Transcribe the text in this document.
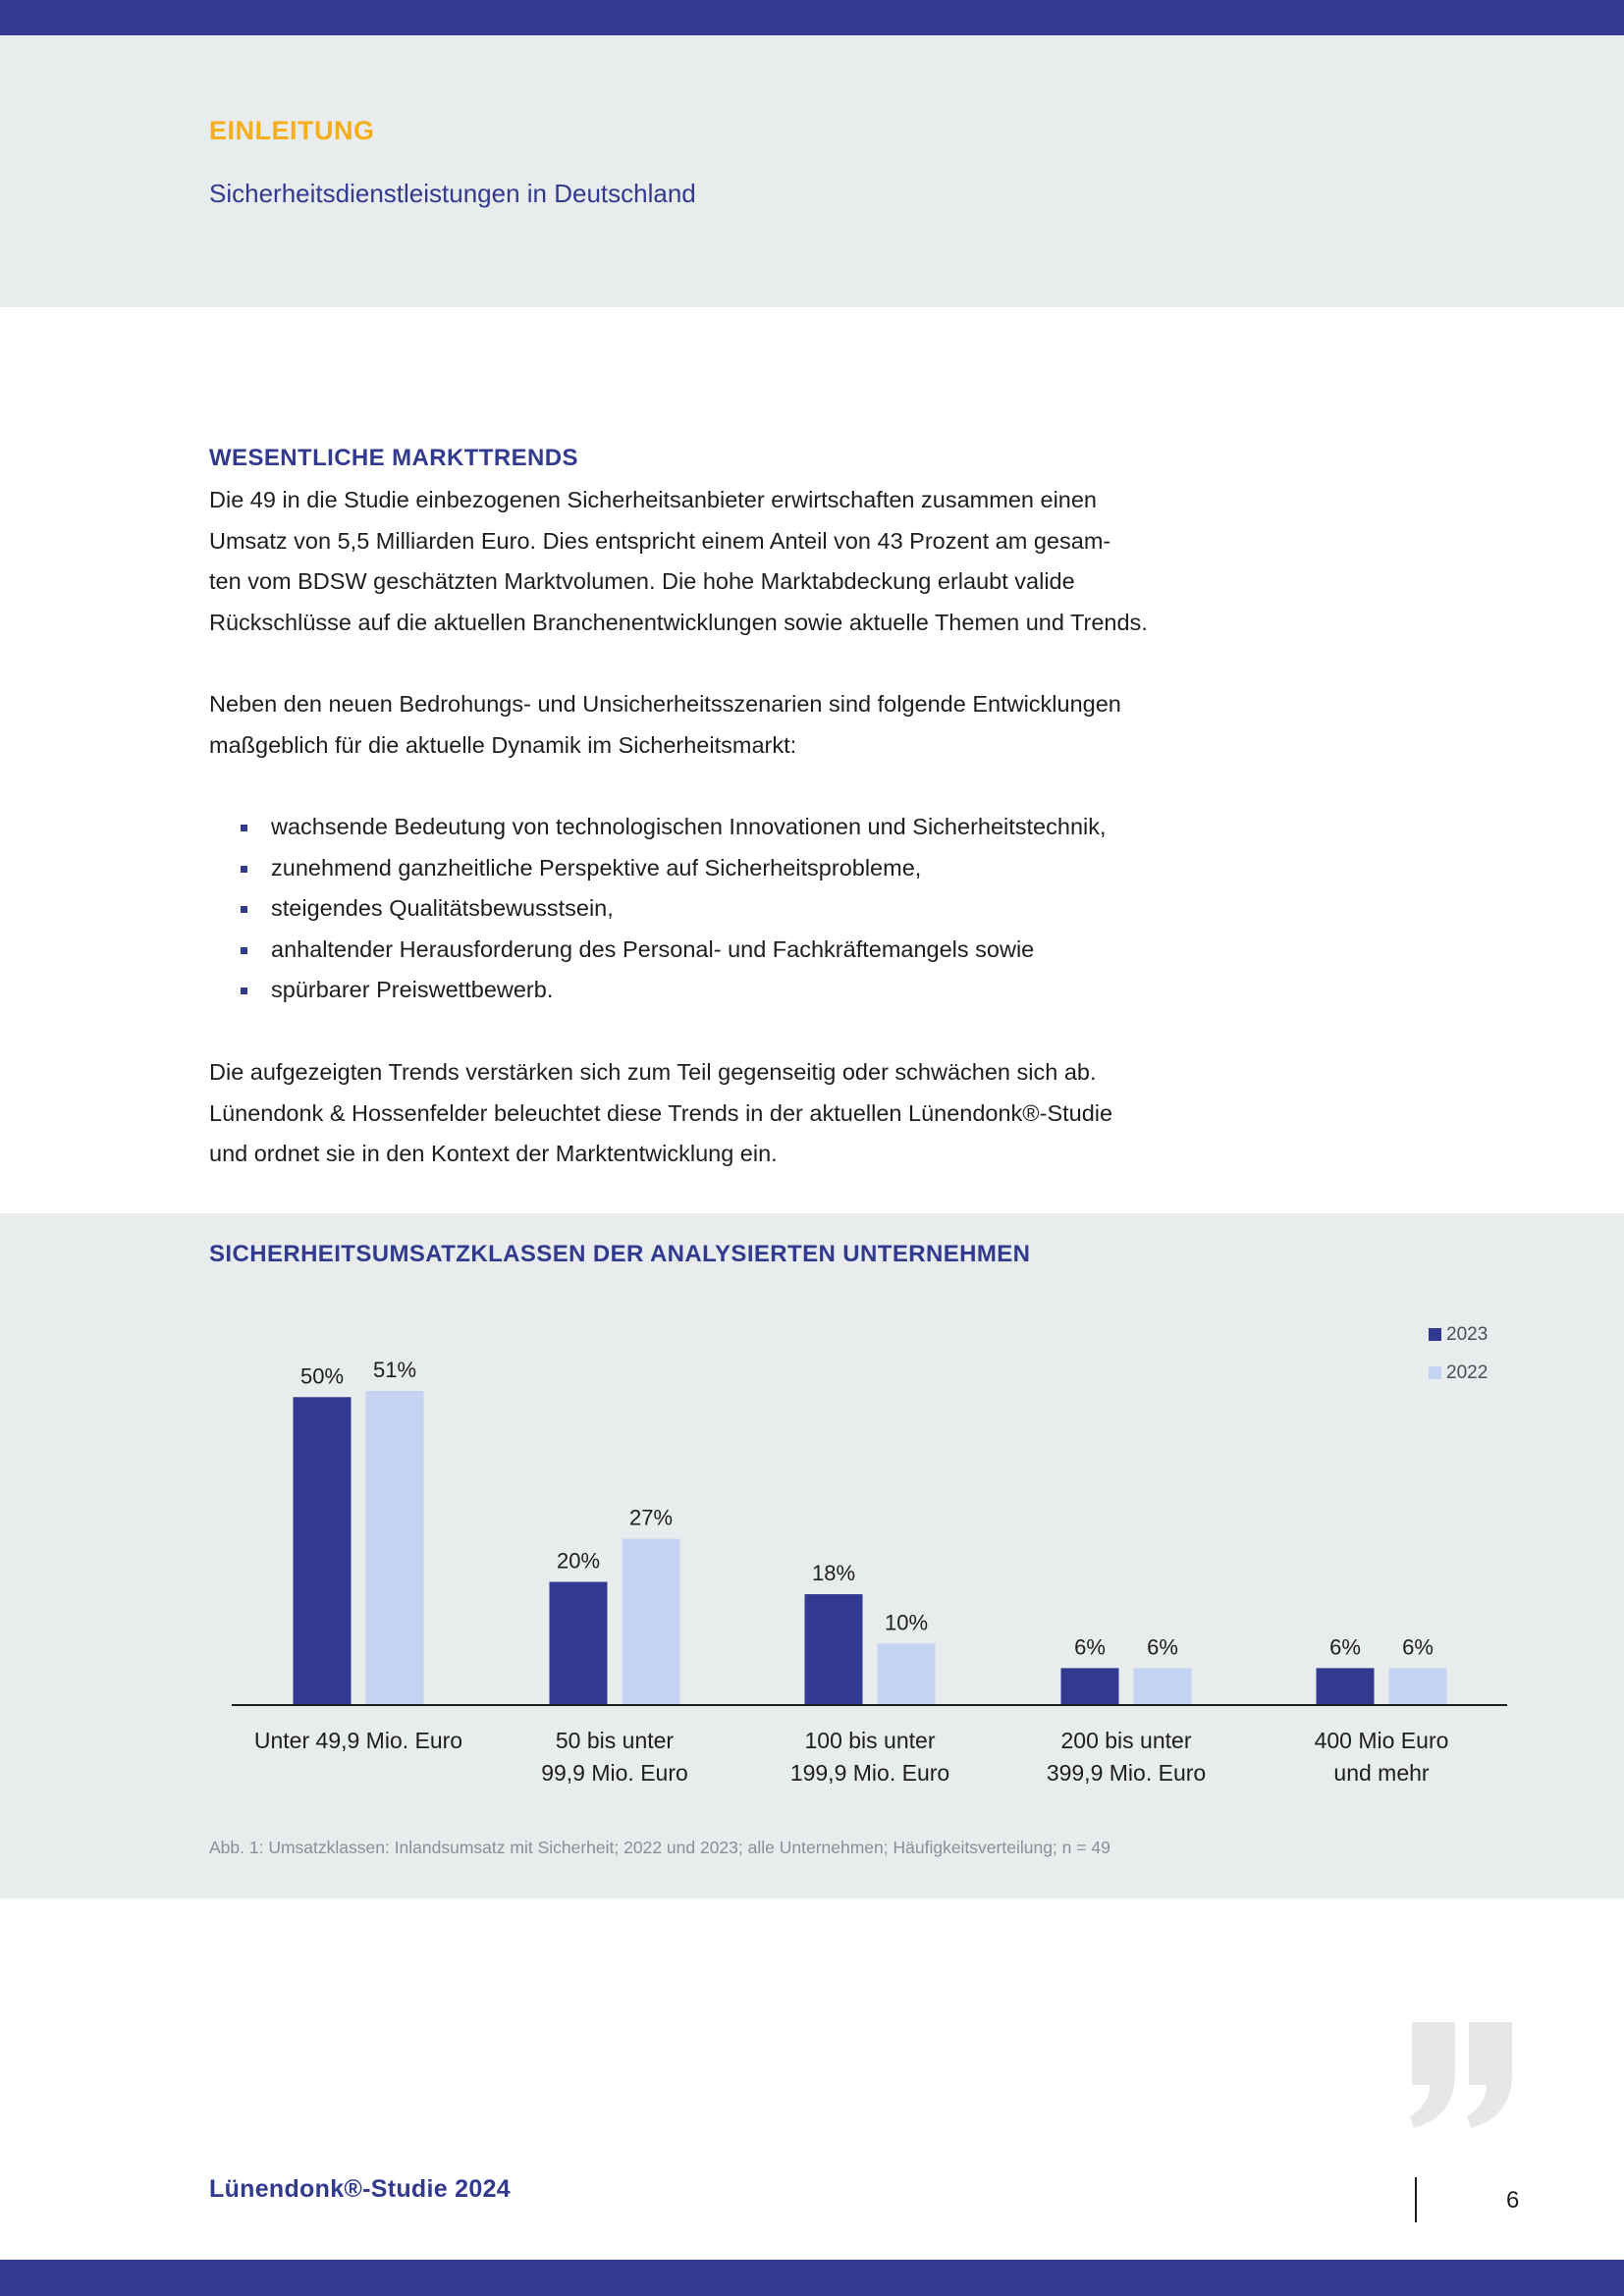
EINLEITUNG
Sicherheitsdienstleistungen in Deutschland
WESENTLICHE MARKTTRENDS

Die 49 in die Studie einbezogenen Sicherheitsanbieter erwirtschaften zusammen einen
Umsatz von 5,5 Milliarden Euro. Dies entspricht einem Anteil von 43 Prozent am gesam-
ten vom BDSW geschätzten Marktvolumen. Die hohe Marktabdeckung erlaubt valide
Rückschlüsse auf die aktuellen Branchenentwicklungen sowie aktuelle Themen und Trends.

Neben den neuen Bedrohungs- und Unsicherheitsszenarien sind folgende Entwicklungen
maßgeblich für die aktuelle Dynamik im Sicherheitsmarkt:

wachsende Bedeutung von technologischen Innovationen und Sicherheitstechnik,
zunehmend ganzheitliche Perspektive auf Sicherheitsprobleme,
steigendes Qualitätsbewusstsein,
anhaltender Herausforderung des Personal- und Fachkräftemangels sowie
spürbarer Preiswettbewerb.

Die aufgezeigten Trends verstärken sich zum Teil gegenseitig oder schwächen sich ab.
Lünendonk & Hossenfelder beleuchtet diese Trends in der aktuellen Lünendonk®-Studie
und ordnet sie in den Kontext der Marktentwicklung ein.

SICHERHEITSUMSATZKLASSEN DER ANALYSIERTEN UNTERNEHMEN
50% 51%
Unter 49,9 Mio. Euro
20%
27%
50 bis unter
99,9 Mio. Euro
18%
10%
100 bis unter
199,9 Mio. Euro
6% 6%
200 bis unter
399,9 Mio. Euro
6% 6%
400 Mio Euro
und mehr
2023
2022
Abb. 1: Umsatzklassen: Inlandsumsatz mit Sicherheit; 2022 und 2023; alle Unternehmen; Häufigkeitsverteilung; n = 49
Lünendonk®-Studie 2024	6
